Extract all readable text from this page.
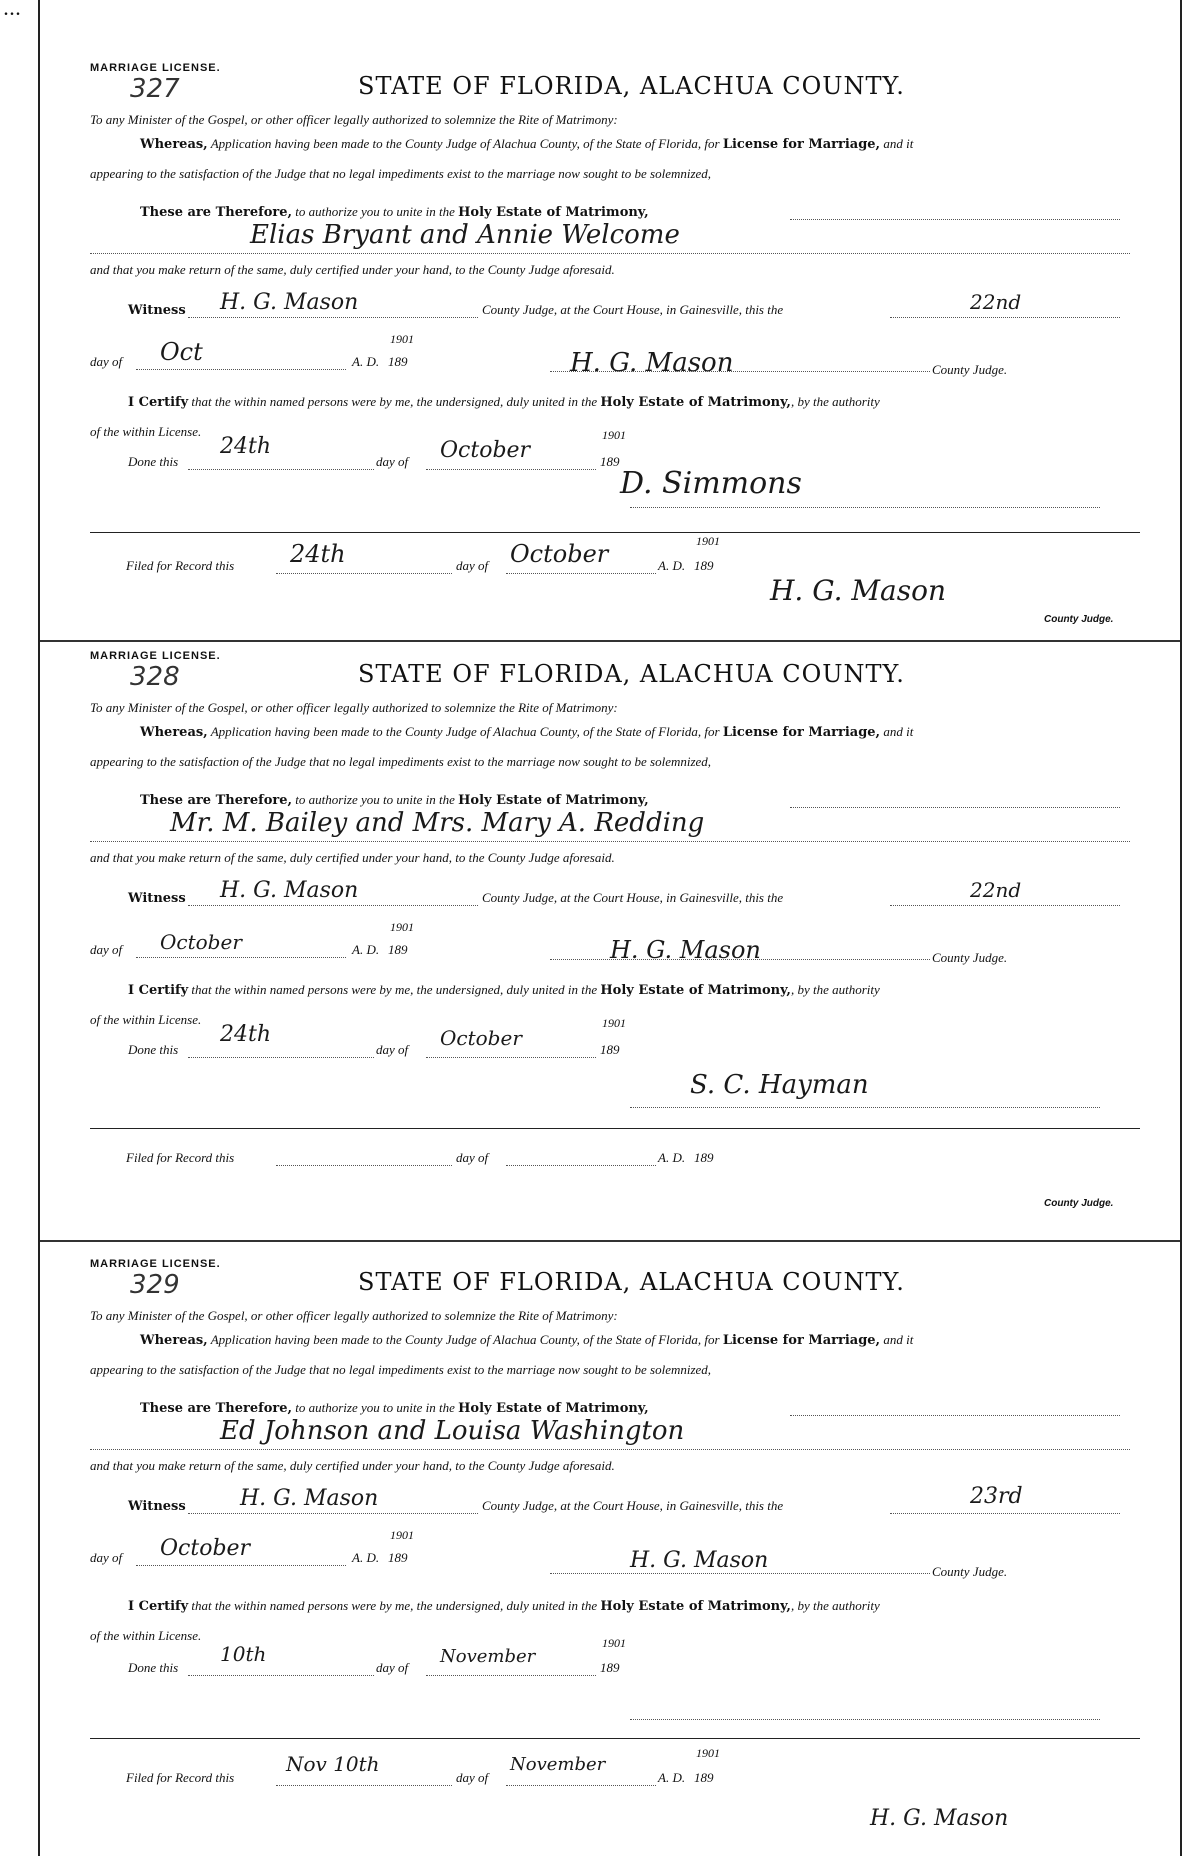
...
MARRIAGE LICENSE.
327	STATE OF FLORIDA, ALACHUA COUNTY.
To any Minister of the Gospel, or other officer legally authorized to solemnize the Rite of Matrimony:
Whereas, Application having been made to the County Judge of Alachua County, of the State of Florida, for License for Marriage, and it
appearing to the satisfaction of the Judge that no legal impediments exist to the marriage now sought to be solemnized,
These are Therefore, to authorize you to unite in the Holy Estate of Matrimony,
Elias Bryant and Annie Welcome
and that you make return of the same, duly certified under your hand, to the County Judge aforesaid.
Witness H. G. Mason	County Judge, at the Court House, in Gainesville, this the	22nd
day of Oct	A. D. 189
1901
H. G. Mason	County Judge.
I Certify that the within named persons were by me, the undersigned, duly united in the Holy Estate of Matrimony,, by the authority
of the within License.
Done this
24th
day of October	189
1901
D. Simmons
Filed for Record this 24th	day of October	A. D. 189
1901
H. G. Mason
County Judge.
MARRIAGE LICENSE.
328	STATE OF FLORIDA, ALACHUA COUNTY.
To any Minister of the Gospel, or other officer legally authorized to solemnize the Rite of Matrimony:
Whereas, Application having been made to the County Judge of Alachua County, of the State of Florida, for License for Marriage, and it
appearing to the satisfaction of the Judge that no legal impediments exist to the marriage now sought to be solemnized,
These are Therefore, to authorize you to unite in the Holy Estate of Matrimony,
Mr. M. Bailey and Mrs. Mary A. Redding
and that you make return of the same, duly certified under your hand, to the County Judge aforesaid.
Witness H. G. Mason	County Judge, at the Court House, in Gainesville, this the	22nd
day of October	A. D. 189
1901
H. G. Mason	County Judge.
I Certify that the within named persons were by me, the undersigned, duly united in the Holy Estate of Matrimony,, by the authority
of the within License.
Done this
24th
day of October	189
1901
S. C. Hayman
Filed for Record this	day of	A. D. 189
County Judge.
MARRIAGE LICENSE.
329	STATE OF FLORIDA, ALACHUA COUNTY.
To any Minister of the Gospel, or other officer legally authorized to solemnize the Rite of Matrimony:
Whereas, Application having been made to the County Judge of Alachua County, of the State of Florida, for License for Marriage, and it
appearing to the satisfaction of the Judge that no legal impediments exist to the marriage now sought to be solemnized,
These are Therefore, to authorize you to unite in the Holy Estate of Matrimony,
Ed Johnson and Louisa Washington
and that you make return of the same, duly certified under your hand, to the County Judge aforesaid.
Witness H. G. Mason	County Judge, at the Court House, in Gainesville, this the	23rd
day of October	A. D. 189
1901
H. G. Mason	County Judge.
I Certify that the within named persons were by me, the undersigned, duly united in the Holy Estate of Matrimony,, by the authority
of the within License.
Done this
10th
day of
November
189
1901
Filed for Record this
Nov 10th
day of
November
A. D. 189
1901
H. G. Mason
